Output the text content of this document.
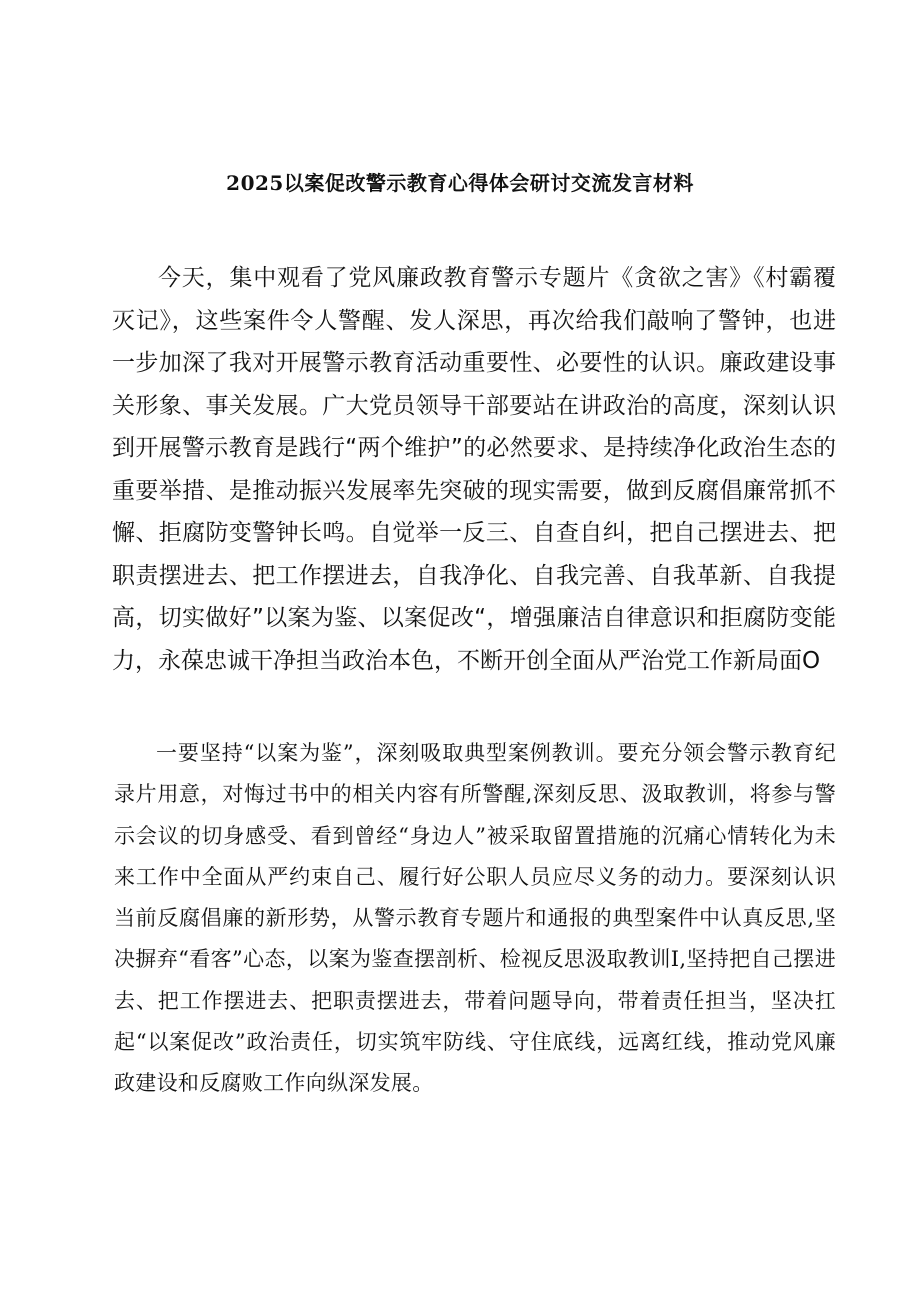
2025以案促改警示教育心得体会研讨交流发言材料

今天，集中观看了党风廉政教育警示专题片《贪欲之害》《村霸覆灭记》，这些案件令人警醒、发人深思，再次给我们敲响了警钟，也进一步加深了我对开展警示教育活动重要性、必要性的认识。廉政建设事关形象、事关发展。广大党员领导干部要站在讲政治的高度，深刻认识到开展警示教育是践行“两个维护”的必然要求、是持续净化政治生态的重要举措、是推动振兴发展率先突破的现实需要，做到反腐倡廉常抓不懈、拒腐防变警钟长鸣。自觉举一反三、自查自纠，把自己摆进去、把职责摆进去、把工作摆进去，自我净化、自我完善、自我革新、自我提高，切实做好”以案为鉴、以案促改“，增强廉洁自律意识和拒腐防变能力，永葆忠诚干净担当政治本色，不断开创全面从严治党工作新局面O

一要坚持“以案为鉴”，深刻吸取典型案例教训。要充分领会警示教育纪录片用意，对悔过书中的相关内容有所警醒,深刻反思、汲取教训，将参与警示会议的切身感受、看到曾经“身边人”被采取留置措施的沉痛心情转化为未来工作中全面从严约束自己、履行好公职人员应尽义务的动力。要深刻认识当前反腐倡廉的新形势，从警示教育专题片和通报的典型案件中认真反思,坚决摒弃“看客”心态，以案为鉴查摆剖析、检视反思汲取教训I,坚持把自己摆进去、把工作摆进去、把职责摆进去，带着问题导向，带着责任担当，坚决扛起“以案促改”政治责任，切实筑牢防线、守住底线，远离红线，推动党风廉政建设和反腐败工作向纵深发展。
